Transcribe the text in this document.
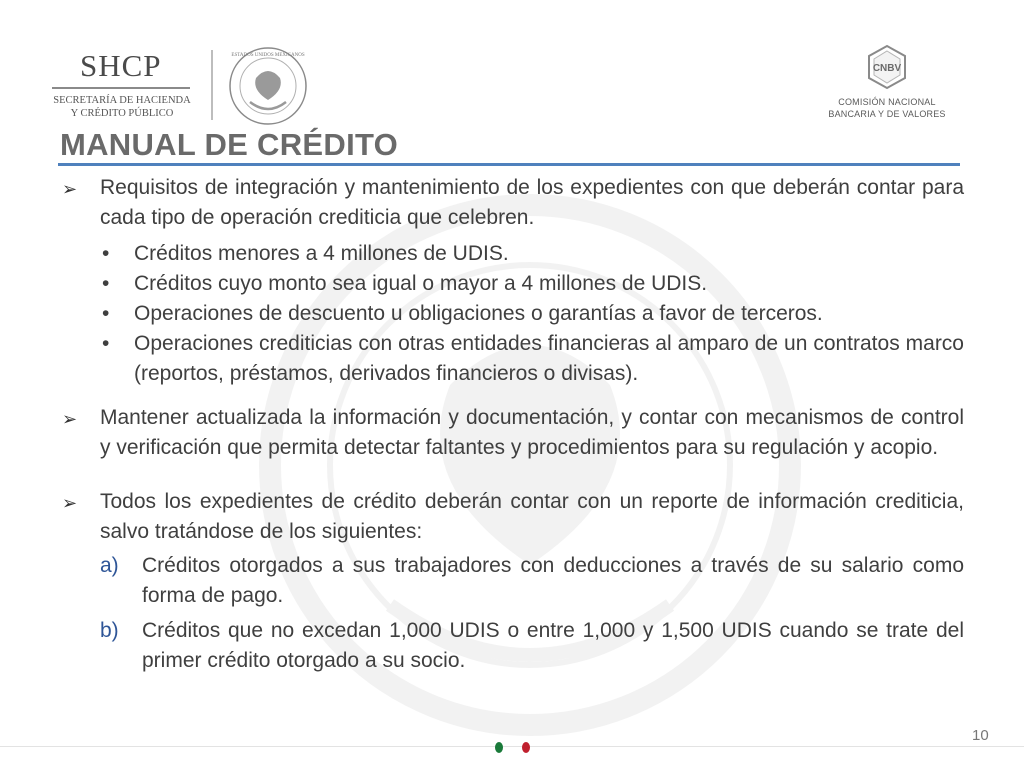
SHCP
SECRETARÍA DE HACIENDA
Y CRÉDITO PÚBLICO
ESTADOS UNIDOS MEXICANOS
CNBV
COMISIÓN NACIONAL
BANCARIA Y DE VALORES
MANUAL DE CRÉDITO
➢	Requisitos de integración y mantenimiento de los expedientes con que deberán contar para cada tipo de operación crediticia que celebren.
•	Créditos menores a 4 millones de UDIS.
•	Créditos cuyo monto sea igual o mayor a 4 millones de UDIS.
•	Operaciones de descuento u obligaciones o garantías a favor de terceros.
•	Operaciones crediticias con otras entidades financieras al amparo de un contratos marco (reportos, préstamos, derivados financieros o divisas).
➢	Mantener actualizada la información y documentación, y contar con mecanismos de control y verificación que permita detectar faltantes y procedimientos para su regulación y acopio.
➢	Todos los expedientes de crédito deberán contar con un reporte de información crediticia, salvo tratándose de los siguientes:
a)	Créditos otorgados a sus trabajadores con deducciones a través de su salario como forma de pago.
b)	Créditos que no excedan 1,000 UDIS o entre 1,000 y 1,500 UDIS cuando se trate del primer crédito otorgado a su socio.
10
